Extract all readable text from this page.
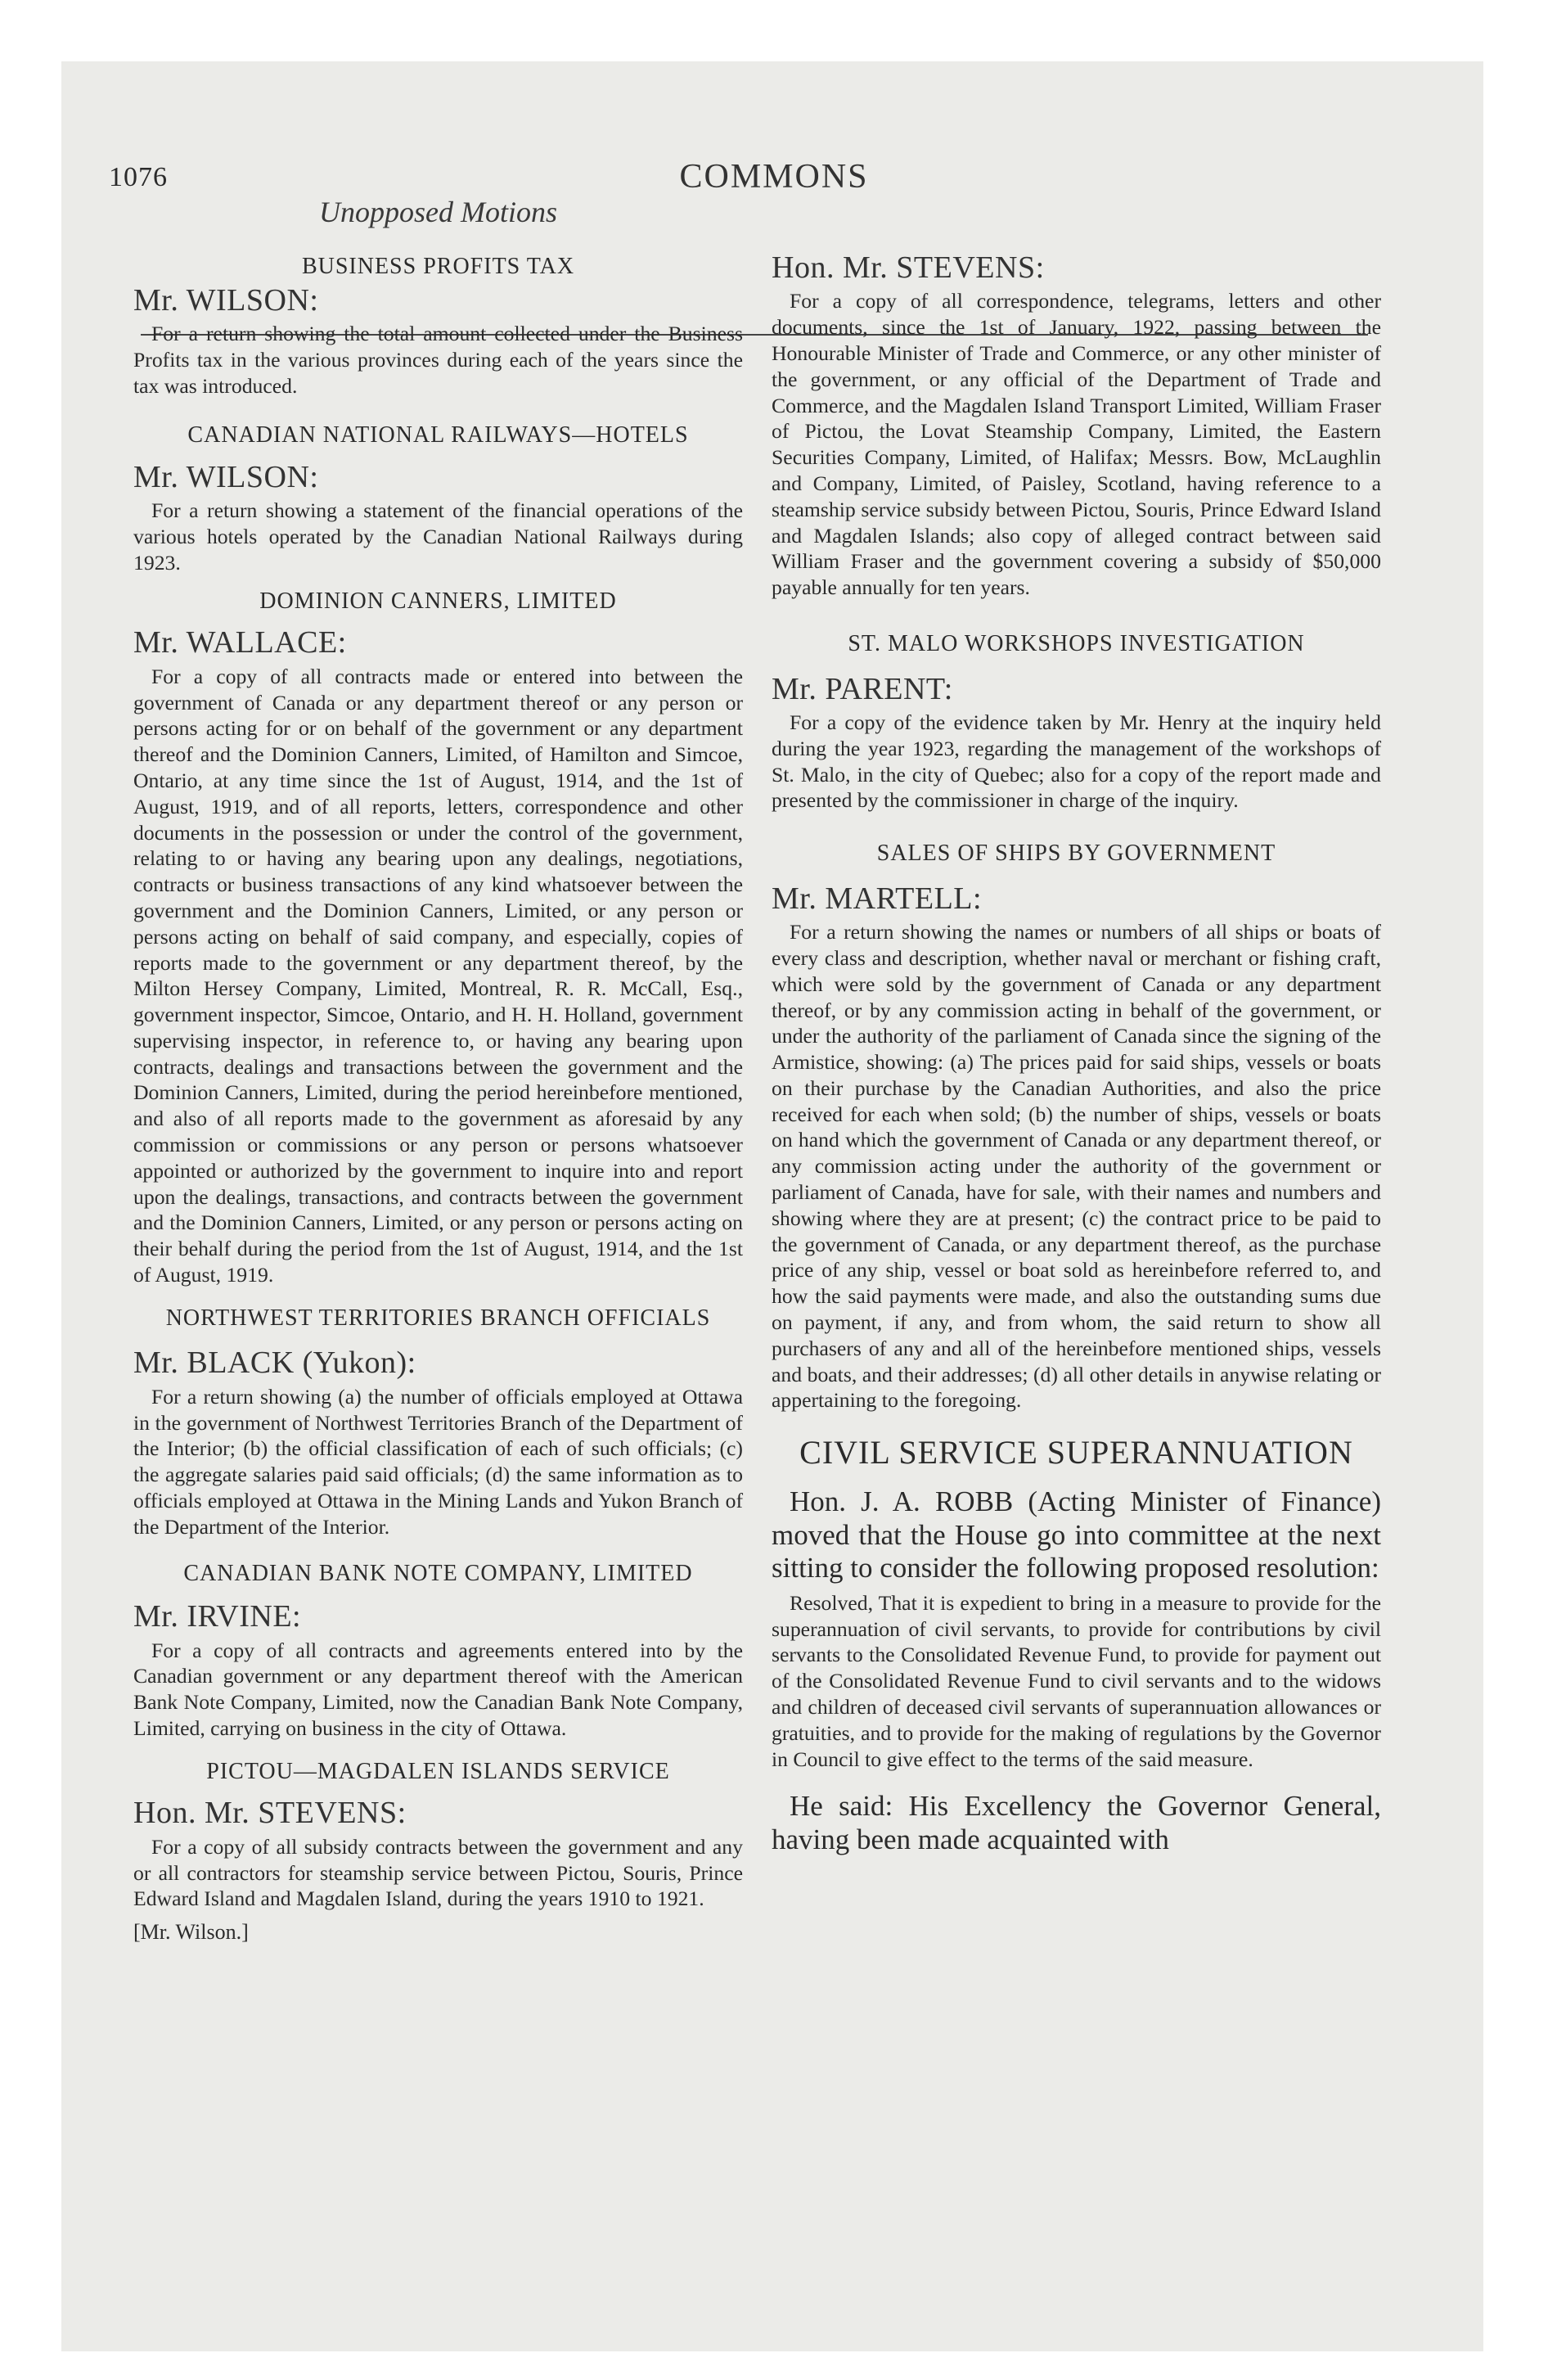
1076
Unopposed Motions
COMMONS

BUSINESS PROFITS TAX

Mr. WILSON:

For a return showing the total amount collected under the Business Profits tax in the various provinces during each of the years since the tax was introduced.

CANADIAN NATIONAL RAILWAYS—HOTELS

Mr. WILSON:

For a return showing a statement of the financial operations of the various hotels operated by the Canadian National Railways during 1923.

DOMINION CANNERS, LIMITED

Mr. WALLACE:

For a copy of all contracts made or entered into between the government of Canada or any department thereof or any person or persons acting for or on behalf of the government or any department thereof and the Dominion Canners, Limited, of Hamilton and Simcoe, Ontario, at any time since the 1st of August, 1914, and the 1st of August, 1919, and of all reports, letters, correspondence and other documents in the possession or under the control of the government, relating to or having any bearing upon any dealings, negotiations, contracts or business transactions of any kind whatsoever between the government and the Dominion Canners, Limited, or any person or persons acting on behalf of said company, and especially, copies of reports made to the government or any department thereof, by the Milton Hersey Company, Limited, Montreal, R. R. McCall, Esq., government inspector, Simcoe, Ontario, and H. H. Holland, government supervising inspector, in reference to, or having any bearing upon contracts, dealings and transactions between the government and the Dominion Canners, Limited, during the period hereinbefore mentioned, and also of all reports made to the government as aforesaid by any commission or commissions or any person or persons whatsoever appointed or authorized by the government to inquire into and report upon the dealings, transactions, and contracts between the government and the Dominion Canners, Limited, or any person or persons acting on their behalf during the period from the 1st of August, 1914, and the 1st of August, 1919.

NORTHWEST TERRITORIES BRANCH OFFICIALS

Mr. BLACK (Yukon):

For a return showing (a) the number of officials employed at Ottawa in the government of Northwest Territories Branch of the Department of the Interior; (b) the official classification of each of such officials; (c) the aggregate salaries paid said officials; (d) the same information as to officials employed at Ottawa in the Mining Lands and Yukon Branch of the Department of the Interior.

CANADIAN BANK NOTE COMPANY, LIMITED

Mr. IRVINE:

For a copy of all contracts and agreements entered into by the Canadian government or any department thereof with the American Bank Note Company, Limited, now the Canadian Bank Note Company, Limited, carrying on business in the city of Ottawa.

PICTOU—MAGDALEN ISLANDS SERVICE

Hon. Mr. STEVENS:

For a copy of all subsidy contracts between the government and any or all contractors for steamship service between Pictou, Souris, Prince Edward Island and Magdalen Island, during the years 1910 to 1921.

[Mr. Wilson.]

Hon. Mr. STEVENS:

For a copy of all correspondence, telegrams, letters and other documents, since the 1st of January, 1922, passing between the Honourable Minister of Trade and Commerce, or any other minister of the government, or any official of the Department of Trade and Commerce, and the Magdalen Island Transport Limited, William Fraser of Pictou, the Lovat Steamship Company, Limited, the Eastern Securities Company, Limited, of Halifax; Messrs. Bow, McLaughlin and Company, Limited, of Paisley, Scotland, having reference to a steamship service subsidy between Pictou, Souris, Prince Edward Island and Magdalen Islands; also copy of alleged contract between said William Fraser and the government covering a subsidy of $50,000 payable annually for ten years.

ST. MALO WORKSHOPS INVESTIGATION

Mr. PARENT:

For a copy of the evidence taken by Mr. Henry at the inquiry held during the year 1923, regarding the management of the workshops of St. Malo, in the city of Quebec; also for a copy of the report made and presented by the commissioner in charge of the inquiry.

SALES OF SHIPS BY GOVERNMENT

Mr. MARTELL:

For a return showing the names or numbers of all ships or boats of every class and description, whether naval or merchant or fishing craft, which were sold by the government of Canada or any department thereof, or by any commission acting in behalf of the government, or under the authority of the parliament of Canada since the signing of the Armistice, showing: (a) The prices paid for said ships, vessels or boats on their purchase by the Canadian Authorities, and also the price received for each when sold; (b) the number of ships, vessels or boats on hand which the government of Canada or any department thereof, or any commission acting under the authority of the government or parliament of Canada, have for sale, with their names and numbers and showing where they are at present; (c) the contract price to be paid to the government of Canada, or any department thereof, as the purchase price of any ship, vessel or boat sold as hereinbefore referred to, and how the said payments were made, and also the outstanding sums due on payment, if any, and from whom, the said return to show all purchasers of any and all of the hereinbefore mentioned ships, vessels and boats, and their addresses; (d) all other details in anywise relating or appertaining to the foregoing.

CIVIL SERVICE SUPERANNUATION

Hon. J. A. ROBB (Acting Minister of Finance) moved that the House go into committee at the next sitting to consider the following proposed resolution:

Resolved, That it is expedient to bring in a measure to provide for the superannuation of civil servants, to provide for contributions by civil servants to the Consolidated Revenue Fund, to provide for payment out of the Consolidated Revenue Fund to civil servants and to the widows and children of deceased civil servants of superannuation allowances or gratuities, and to provide for the making of regulations by the Governor in Council to give effect to the terms of the said measure.

He said: His Excellency the Governor General, having been made acquainted with
